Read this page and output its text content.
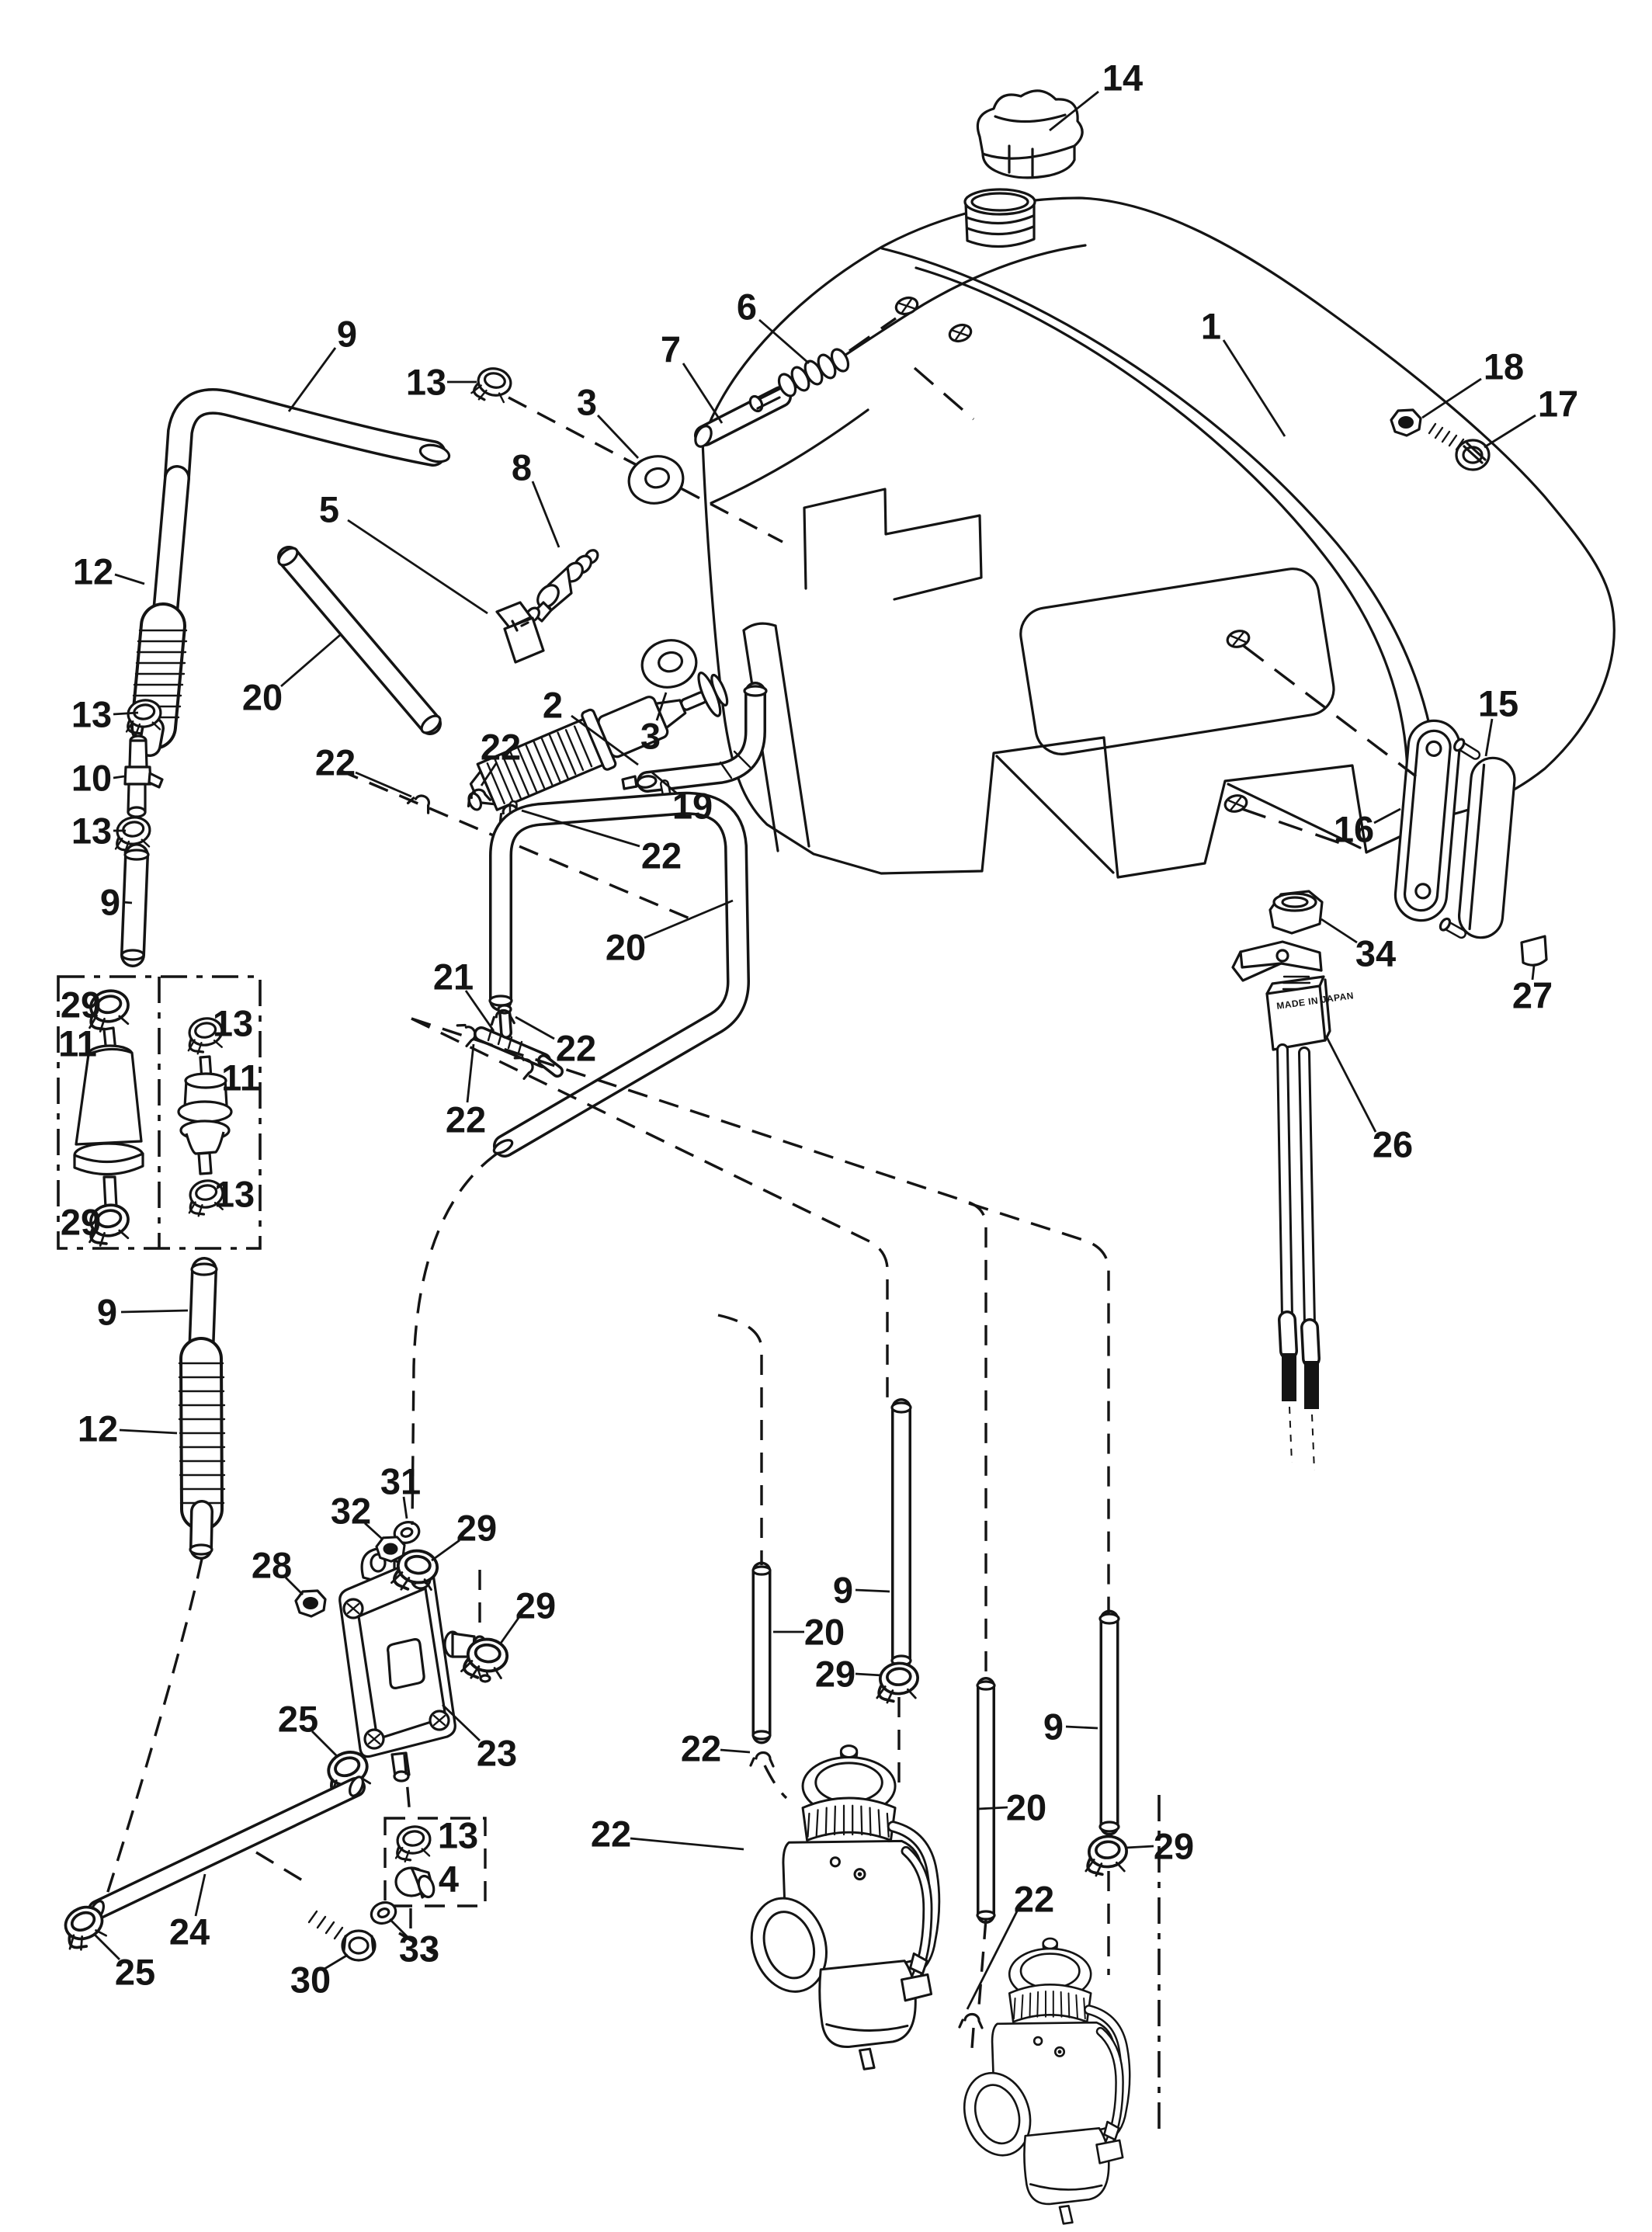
MADE IN JAPAN
14
6
7
1
18
17
9
13	3
8
5
12
20
22
2
3
13
10
13
9
22
19
22
20
21
22
22
29
11	13
11
13
29
15
16
34
27
26
9
12
31
32 29
28
29
23
25
9
20
29
22
9
20
29
22
13
4
24
25	30
33
22
